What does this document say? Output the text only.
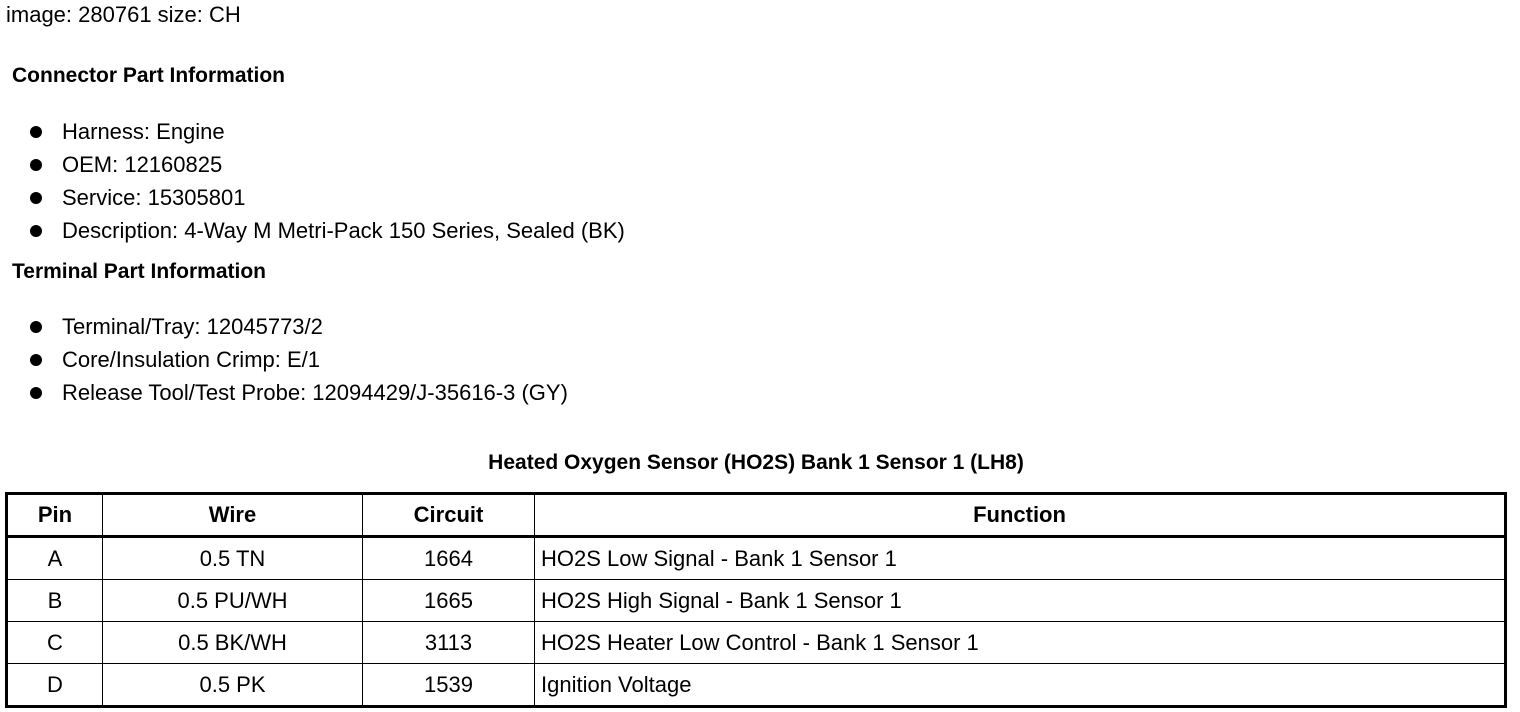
image: 280761 size: CH
Connector Part Information
Harness: Engine
OEM: 12160825
Service: 15305801
Description: 4-Way M Metri-Pack 150 Series, Sealed (BK)
Terminal Part Information
Terminal/Tray: 12045773/2
Core/Insulation Crimp: E/1
Release Tool/Test Probe: 12094429/J-35616-3 (GY)
Heated Oxygen Sensor (HO2S) Bank 1 Sensor 1 (LH8)
Pin	Wire	Circuit	Function
A	0.5 TN	1664	HO2S Low Signal - Bank 1 Sensor 1
B	0.5 PU/WH	1665	HO2S High Signal - Bank 1 Sensor 1
C	0.5 BK/WH	3113	HO2S Heater Low Control - Bank 1 Sensor 1
D	0.5 PK	1539	Ignition Voltage
